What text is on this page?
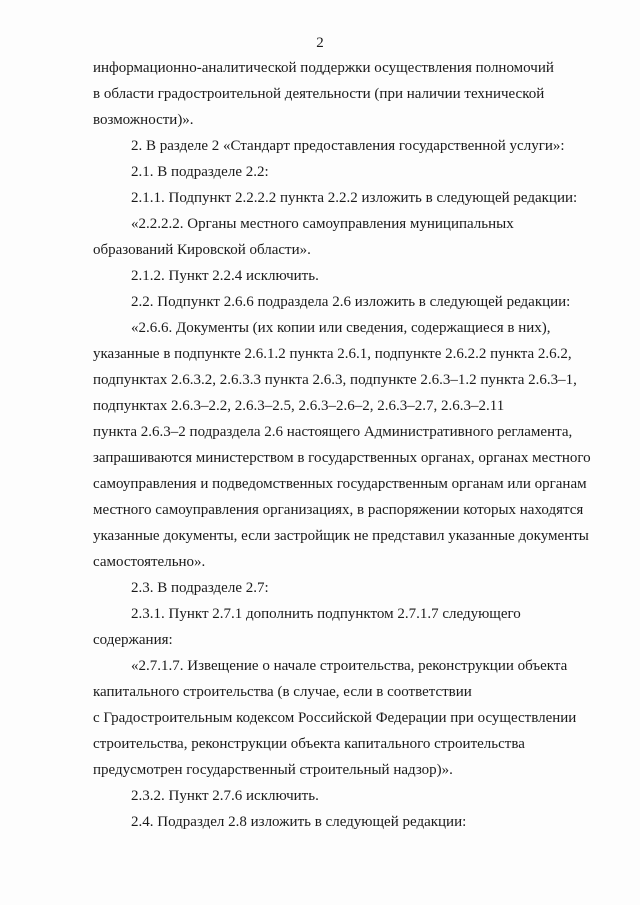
2
информационно-аналитической поддержки осуществления полномочий
в области градостроительной деятельности (при наличии технической
возможности)».
2. В разделе 2 «Стандарт предоставления государственной услуги»:
2.1. В подразделе 2.2:
2.1.1. Подпункт 2.2.2.2 пункта 2.2.2 изложить в следующей редакции:
«2.2.2.2. Органы местного самоуправления муниципальных
образований Кировской области».
2.1.2. Пункт 2.2.4 исключить.
2.2. Подпункт 2.6.6 подраздела 2.6 изложить в следующей редакции:
«2.6.6. Документы (их копии или сведения, содержащиеся в них),
указанные в подпункте 2.6.1.2 пункта 2.6.1, подпункте 2.6.2.2 пункта 2.6.2,
подпунктах 2.6.3.2, 2.6.3.3 пункта 2.6.3, подпункте 2.6.3–1.2 пункта 2.6.3–1,
подпунктах 2.6.3–2.2, 2.6.3–2.5, 2.6.3–2.6–2, 2.6.3–2.7, 2.6.3–2.11
пункта 2.6.3–2 подраздела 2.6 настоящего Административного регламента,
запрашиваются министерством в государственных органах, органах местного
самоуправления и подведомственных государственным органам или органам
местного самоуправления организациях, в распоряжении которых находятся
указанные документы, если застройщик не представил указанные документы
самостоятельно».
2.3. В подразделе 2.7:
2.3.1. Пункт 2.7.1 дополнить подпунктом 2.7.1.7 следующего
содержания:
«2.7.1.7. Извещение о начале строительства, реконструкции объекта
капитального строительства (в случае, если в соответствии
с Градостроительным кодексом Российской Федерации при осуществлении
строительства, реконструкции объекта капитального строительства
предусмотрен государственный строительный надзор)».
2.3.2. Пункт 2.7.6 исключить.
2.4. Подраздел 2.8 изложить в следующей редакции:
